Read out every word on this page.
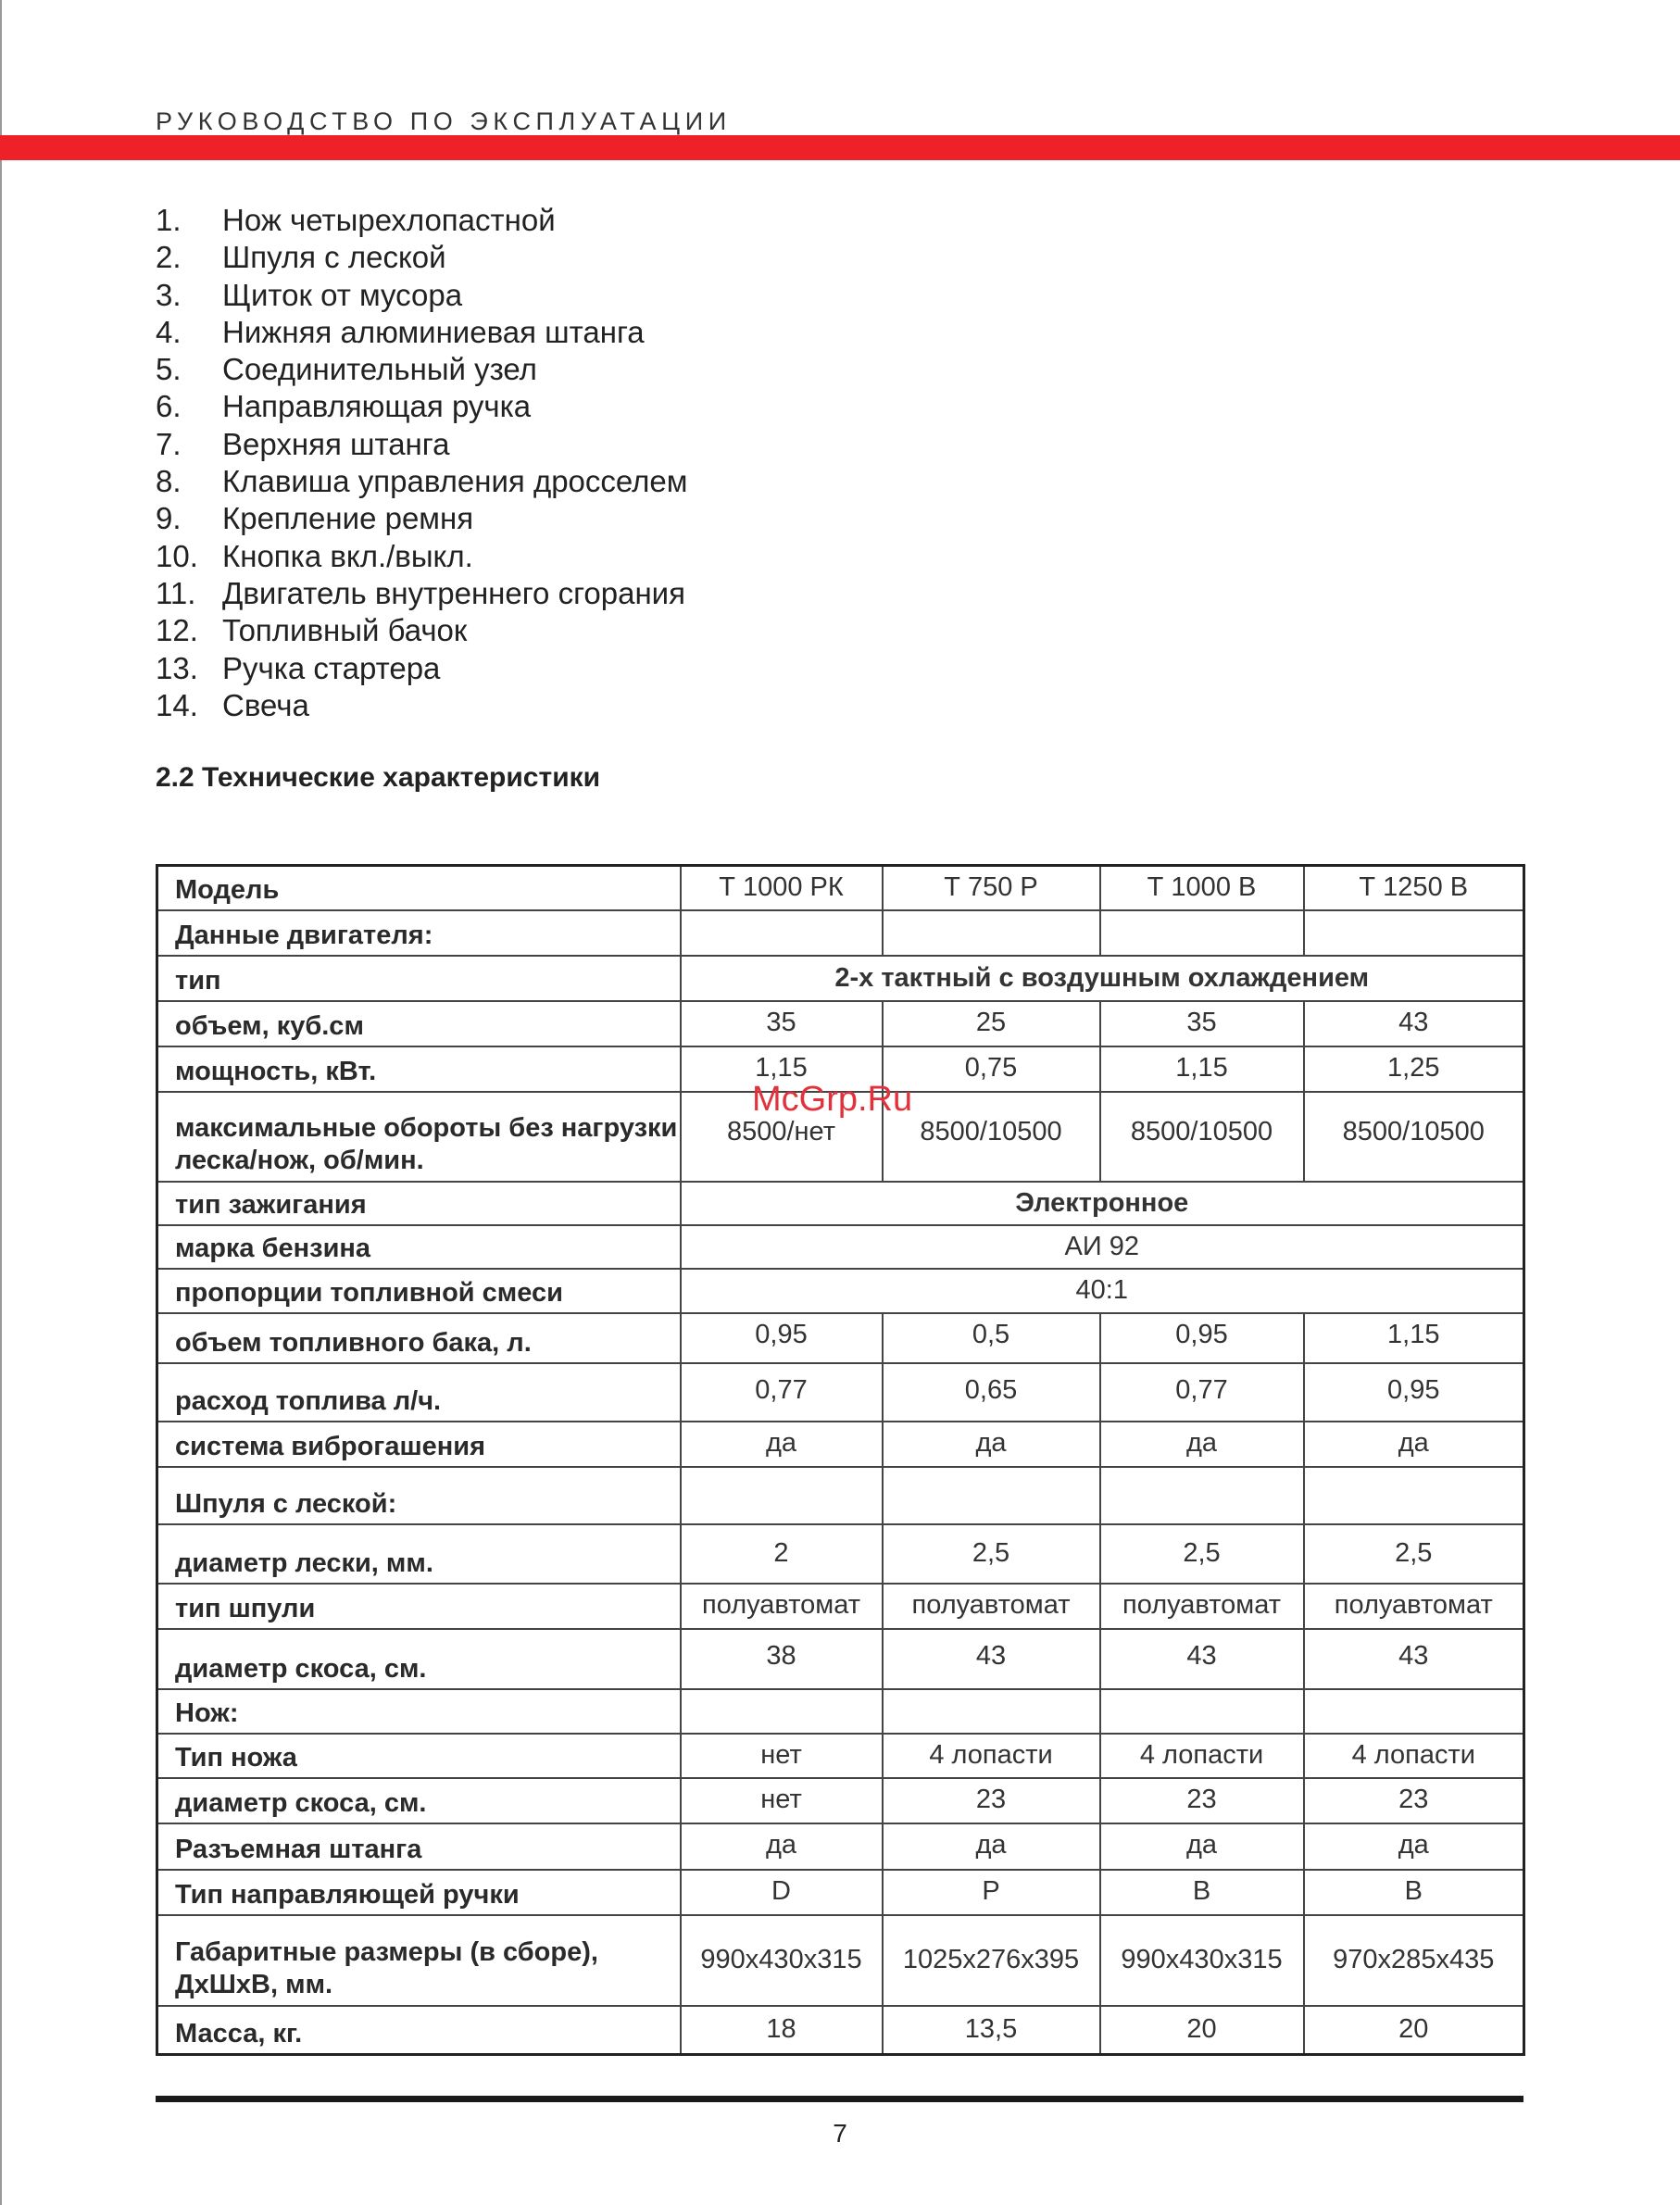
РУКОВОДСТВО ПО ЭКСПЛУАТАЦИИ
1. Нож четырехлопастной
2. Шпуля с леской
3. Щиток от мусора
4. Нижняя алюминиевая штанга
5. Соединительный узел
6. Направляющая ручка
7. Верхняя штанга
8. Клавиша управления дросселем
9. Крепление ремня
10. Кнопка вкл./выкл.
11. Двигатель внутреннего сгорания
12. Топливный бачок
13. Ручка стартера
14. Свеча
2.2 Технические характеристики
Модель	Т 1000 РК	Т 750 Р	Т 1000 В	Т 1250 В
Данные двигателя:				
тип	2-х тактный с воздушным охлаждением			
объем, куб.см	35	25	35	43
мощность, кВт.	1,15	0,75	1,15	1,25
максимальные обороты без нагрузки леска/нож, об/мин.	8500/нет	8500/10500	8500/10500	8500/10500
тип зажигания	Электронное			
марка бензина	АИ 92			
пропорции топливной смеси	40:1			
объем топливного бака, л.	0,95	0,5	0,95	1,15
расход топлива л/ч.	0,77	0,65	0,77	0,95
система виброгашения	да	да	да	да
Шпуля с леской:				
диаметр лески, мм.	2	2,5	2,5	2,5
тип шпули	полуавтомат	полуавтомат	полуавтомат	полуавтомат
диаметр скоса, см.	38	43	43	43
Нож:				
Тип ножа	нет	4 лопасти	4 лопасти	4 лопасти
диаметр скоса, см.	нет	23	23	23
Разъемная штанга	да	да	да	да
Тип направляющей ручки	D	P	B	B
Габаритные размеры (в сборе), ДхШхВ, мм.	990x430x315	1025x276x395	990x430x315	970x285x435
Масса, кг.	18	13,5	20	20
McGrp.Ru
7
